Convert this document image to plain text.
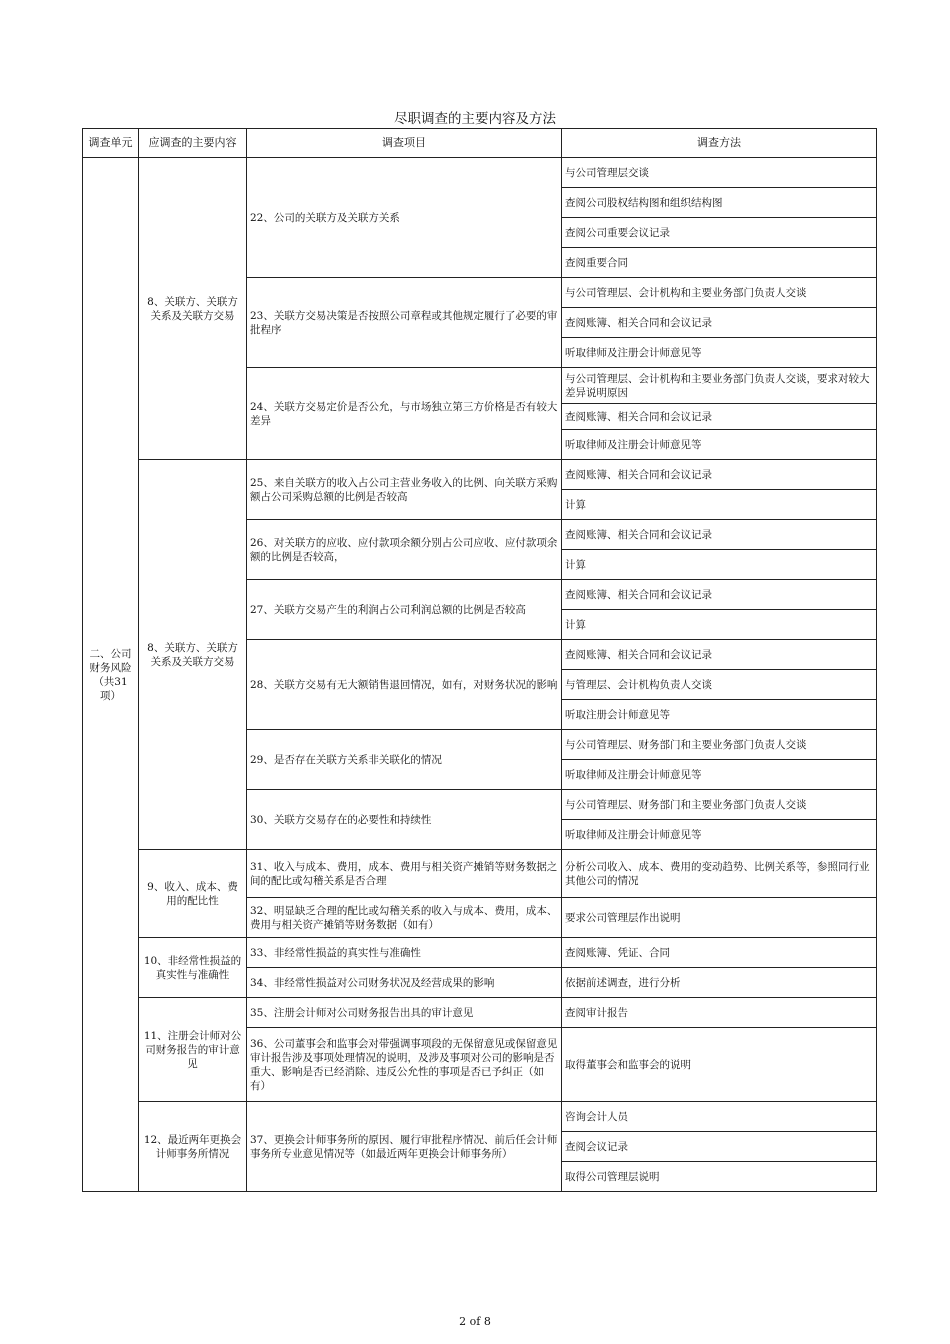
尽职调查的主要内容及方法
调查单元	应调查的主要内容	调查项目	调查方法
二、公司财务风险（共31项）	8、关联方、关联方关系及关联方交易	22、公司的关联方及关联方关系	与公司管理层交谈
			查阅公司股权结构图和组织结构图
			查阅公司重要会议记录
			查阅重要合同
		23、关联方交易决策是否按照公司章程或其他规定履行了必要的审批程序	与公司管理层、会计机构和主要业务部门负责人交谈
			查阅账簿、相关合同和会议记录
			听取律师及注册会计师意见等
		24、关联方交易定价是否公允，与市场独立第三方价格是否有较大差异	与公司管理层、会计机构和主要业务部门负责人交谈，要求对较大差异说明原因
			查阅账簿、相关合同和会议记录
			听取律师及注册会计师意见等
	8、关联方、关联方关系及关联方交易	25、来自关联方的收入占公司主营业务收入的比例、向关联方采购额占公司采购总额的比例是否较高	查阅账簿、相关合同和会议记录
			计算
		26、对关联方的应收、应付款项余额分别占公司应收、应付款项余额的比例是否较高，	查阅账簿、相关合同和会议记录
			计算
		27、关联方交易产生的利润占公司利润总额的比例是否较高	查阅账簿、相关合同和会议记录
			计算
		28、关联方交易有无大额销售退回情况，如有，对财务状况的影响	查阅账簿、相关合同和会议记录
			与管理层、会计机构负责人交谈
			听取注册会计师意见等
		29、是否存在关联方关系非关联化的情况	与公司管理层、财务部门和主要业务部门负责人交谈
			听取律师及注册会计师意见等
		30、关联方交易存在的必要性和持续性	与公司管理层、财务部门和主要业务部门负责人交谈
			听取律师及注册会计师意见等
	9、收入、成本、费用的配比性	31、收入与成本、费用，成本、费用与相关资产摊销等财务数据之间的配比或勾稽关系是否合理	分析公司收入、成本、费用的变动趋势、比例关系等，参照同行业其他公司的情况
		32、明显缺乏合理的配比或勾稽关系的收入与成本、费用，成本、费用与相关资产摊销等财务数据（如有）	要求公司管理层作出说明
	10、非经常性损益的真实性与准确性	33、非经常性损益的真实性与准确性	查阅账簿、凭证、合同
		34、非经常性损益对公司财务状况及经营成果的影响	依据前述调查，进行分析
	11、注册会计师对公司财务报告的审计意见	35、注册会计师对公司财务报告出具的审计意见	查阅审计报告
		36、公司董事会和监事会对带强调事项段的无保留意见或保留意见审计报告涉及事项处理情况的说明，及涉及事项对公司的影响是否重大、影响是否已经消除、违反公允性的事项是否已予纠正（如有）	取得董事会和监事会的说明
	12、最近两年更换会计师事务所情况	37、更换会计师事务所的原因、履行审批程序情况、前后任会计师事务所专业意见情况等（如最近两年更换会计师事务所）	咨询会计人员
			查阅会议记录
			取得公司管理层说明
2 of 8
